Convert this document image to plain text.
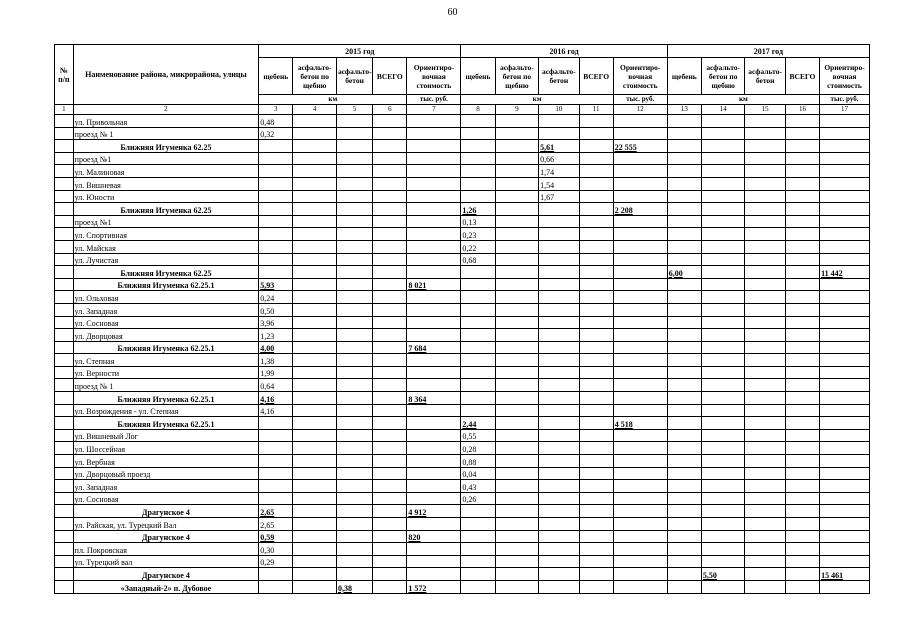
60
№ п/п	Наименование района, микрорайона, улицы	2015 год					2016 год					2017 год				
		щебень	асфальто-бетон по щебню	асфальто-бетон	ВСЕГО	Ориентиро-вочная стоимость	щебень	асфальто-бетон по щебню	асфальто-бетон	ВСЕГО	Ориентиро-вочная стоимость	щебень	асфальто-бетон по щебню	асфальто-бетон	ВСЕГО	Ориентиро-вочная стоимость
		км				тыс. руб.	км				тыс. руб.	км				тыс. руб.
1	2	3	4	5	6	7	8	9	10	11	12	13	14	15	16	17
	ул. Привольная	0,48														
	проезд № 1	0,32														
	Ближняя Игуменка 62.25								5,61		22 555					
	проезд №1								0,66							
	ул. Малиновая								1,74							
	ул. Вишневая								1,54							
	ул. Юности								1,67							
	Ближняя Игуменка 62.25						1,26				2 208					
	проезд №1						0,13									
	ул. Спортивная						0,23									
	ул. Майская						0,22									
	ул. Лучистая						0,68									
	Ближняя Игуменка 62.25											6,00				11 442
	Ближняя Игуменка 62.25.1	5,93				8 021										
	ул. Ольховая	0,24														
	ул. Западная	0,50														
	ул. Сосновая	3,96														
	ул. Дворцовая	1,23														
	Ближняя Игуменка 62.25.1	4,00				7 684										
	ул. Степная	1,38														
	ул. Верности	1,99														
	проезд № 1	0,64														
	Ближняя Игуменка 62.25.1	4,16				8 364										
	ул. Возрождения - ул. Степная	4,16														
	Ближняя Игуменка 62.25.1						2,44				4 518					
	ул. Вишневый Лог						0,55									
	ул. Шоссейная						0,28									
	ул. Вербная						0,88									
	ул. Дворцовый проезд						0,04									
	ул. Западная						0,43									
	ул. Сосновая						0,26									
	Драгунское 4	2,65				4 912										
	ул. Райская, ул. Турецкий Вал	2,65														
	Драгунское 4	0,59				820										
	пл. Покровская	0,30														
	ул. Турецкий вал	0,29														
	Драгунское 4												5,50			15 461
	«Западный-2» п. Дубовое			0,38		1 572										
